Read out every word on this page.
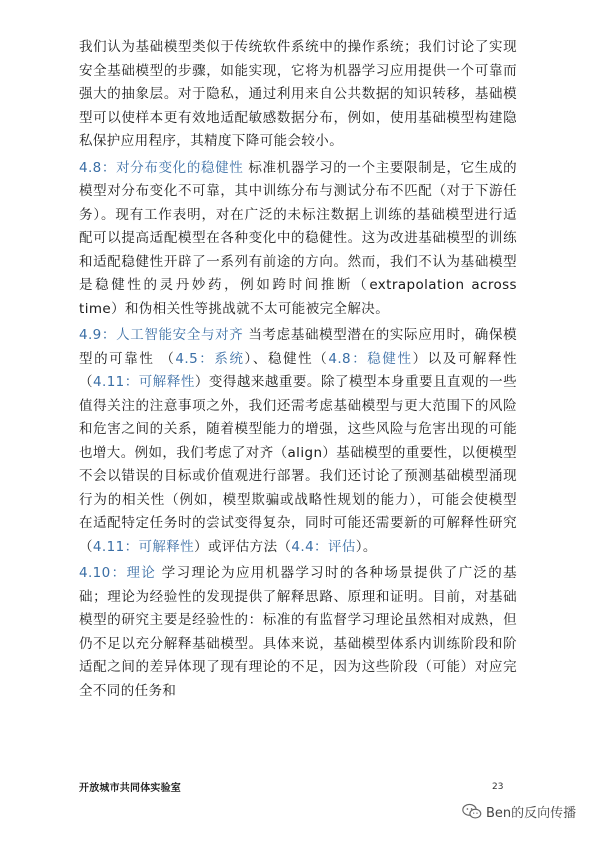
我们认为基础模型类似于传统软件系统中的操作系统；我们讨论了实现安全基础模型的步骤，如能实现，它将为机器学习应用提供一个可靠而强大的抽象层。对于隐私，通过利用来自公共数据的知识转移，基础模型可以使样本更有效地适配敏感数据分布，例如，使用基础模型构建隐私保护应用程序，其精度下降可能会较小。

4.8：对分布变化的稳健性 标准机器学习的一个主要限制是，它生成的模型对分布变化不可靠，其中训练分布与测试分布不匹配（对于下游任务）。现有工作表明，对在广泛的未标注数据上训练的基础模型进行适配可以提高适配模型在各种变化中的稳健性。这为改进基础模型的训练和适配稳健性开辟了一系列有前途的方向。然而，我们不认为基础模型是稳健性的灵丹妙药，例如跨时间推断（extrapolation across time）和伪相关性等挑战就不太可能被完全解决。

4.9：人工智能安全与对齐 当考虑基础模型潜在的实际应用时，确保模型的可靠性 （4.5：系统）、稳健性（4.8：稳健性）以及可解释性（4.11：可解释性）变得越来越重要。除了模型本身重要且直观的一些值得关注的注意事项之外，我们还需考虑基础模型与更大范围下的风险和危害之间的关系，随着模型能力的增强，这些风险与危害出现的可能也增大。例如，我们考虑了对齐（align）基础模型的重要性，以便模型不会以错误的目标或价值观进行部署。我们还讨论了预测基础模型涌现行为的相关性（例如，模型欺骗或战略性规划的能力），可能会使模型在适配特定任务时的尝试变得复杂，同时可能还需要新的可解释性研究（4.11：可解释性）或评估方法（4.4：评估）。

4.10：理论 学习理论为应用机器学习时的各种场景提供了广泛的基础；理论为经验性的发现提供了解释思路、原理和证明。目前，对基础模型的研究主要是经验性的：标准的有监督学习理论虽然相对成熟，但仍不足以充分解释基础模型。具体来说，基础模型体系内训练阶段和阶适配之间的差异体现了现有理论的不足，因为这些阶段（可能）对应完全不同的任务和

开放城市共同体实验室	23
Ben的反向传播
